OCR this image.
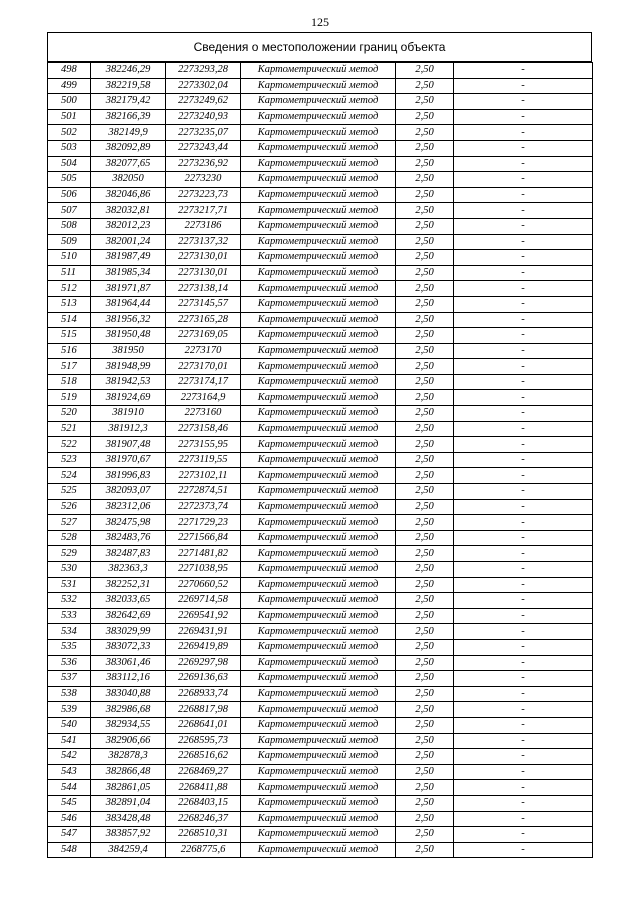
125
Сведения о местоположении границ объекта
498	382246,29	2273293,28	Картометрический метод	2,50	-
499	382219,58	2273302,04	Картометрический метод	2,50	-
500	382179,42	2273249,62	Картометрический метод	2,50	-
501	382166,39	2273240,93	Картометрический метод	2,50	-
502	382149,9	2273235,07	Картометрический метод	2,50	-
503	382092,89	2273243,44	Картометрический метод	2,50	-
504	382077,65	2273236,92	Картометрический метод	2,50	-
505	382050	2273230	Картометрический метод	2,50	-
506	382046,86	2273223,73	Картометрический метод	2,50	-
507	382032,81	2273217,71	Картометрический метод	2,50	-
508	382012,23	2273186	Картометрический метод	2,50	-
509	382001,24	2273137,32	Картометрический метод	2,50	-
510	381987,49	2273130,01	Картометрический метод	2,50	-
511	381985,34	2273130,01	Картометрический метод	2,50	-
512	381971,87	2273138,14	Картометрический метод	2,50	-
513	381964,44	2273145,57	Картометрический метод	2,50	-
514	381956,32	2273165,28	Картометрический метод	2,50	-
515	381950,48	2273169,05	Картометрический метод	2,50	-
516	381950	2273170	Картометрический метод	2,50	-
517	381948,99	2273170,01	Картометрический метод	2,50	-
518	381942,53	2273174,17	Картометрический метод	2,50	-
519	381924,69	2273164,9	Картометрический метод	2,50	-
520	381910	2273160	Картометрический метод	2,50	-
521	381912,3	2273158,46	Картометрический метод	2,50	-
522	381907,48	2273155,95	Картометрический метод	2,50	-
523	381970,67	2273119,55	Картометрический метод	2,50	-
524	381996,83	2273102,11	Картометрический метод	2,50	-
525	382093,07	2272874,51	Картометрический метод	2,50	-
526	382312,06	2272373,74	Картометрический метод	2,50	-
527	382475,98	2271729,23	Картометрический метод	2,50	-
528	382483,76	2271566,84	Картометрический метод	2,50	-
529	382487,83	2271481,82	Картометрический метод	2,50	-
530	382363,3	2271038,95	Картометрический метод	2,50	-
531	382252,31	2270660,52	Картометрический метод	2,50	-
532	382033,65	2269714,58	Картометрический метод	2,50	-
533	382642,69	2269541,92	Картометрический метод	2,50	-
534	383029,99	2269431,91	Картометрический метод	2,50	-
535	383072,33	2269419,89	Картометрический метод	2,50	-
536	383061,46	2269297,98	Картометрический метод	2,50	-
537	383112,16	2269136,63	Картометрический метод	2,50	-
538	383040,88	2268933,74	Картометрический метод	2,50	-
539	382986,68	2268817,98	Картометрический метод	2,50	-
540	382934,55	2268641,01	Картометрический метод	2,50	-
541	382906,66	2268595,73	Картометрический метод	2,50	-
542	382878,3	2268516,62	Картометрический метод	2,50	-
543	382866,48	2268469,27	Картометрический метод	2,50	-
544	382861,05	2268411,88	Картометрический метод	2,50	-
545	382891,04	2268403,15	Картометрический метод	2,50	-
546	383428,48	2268246,37	Картометрический метод	2,50	-
547	383857,92	2268510,31	Картометрический метод	2,50	-
548	384259,4	2268775,6	Картометрический метод	2,50	-
